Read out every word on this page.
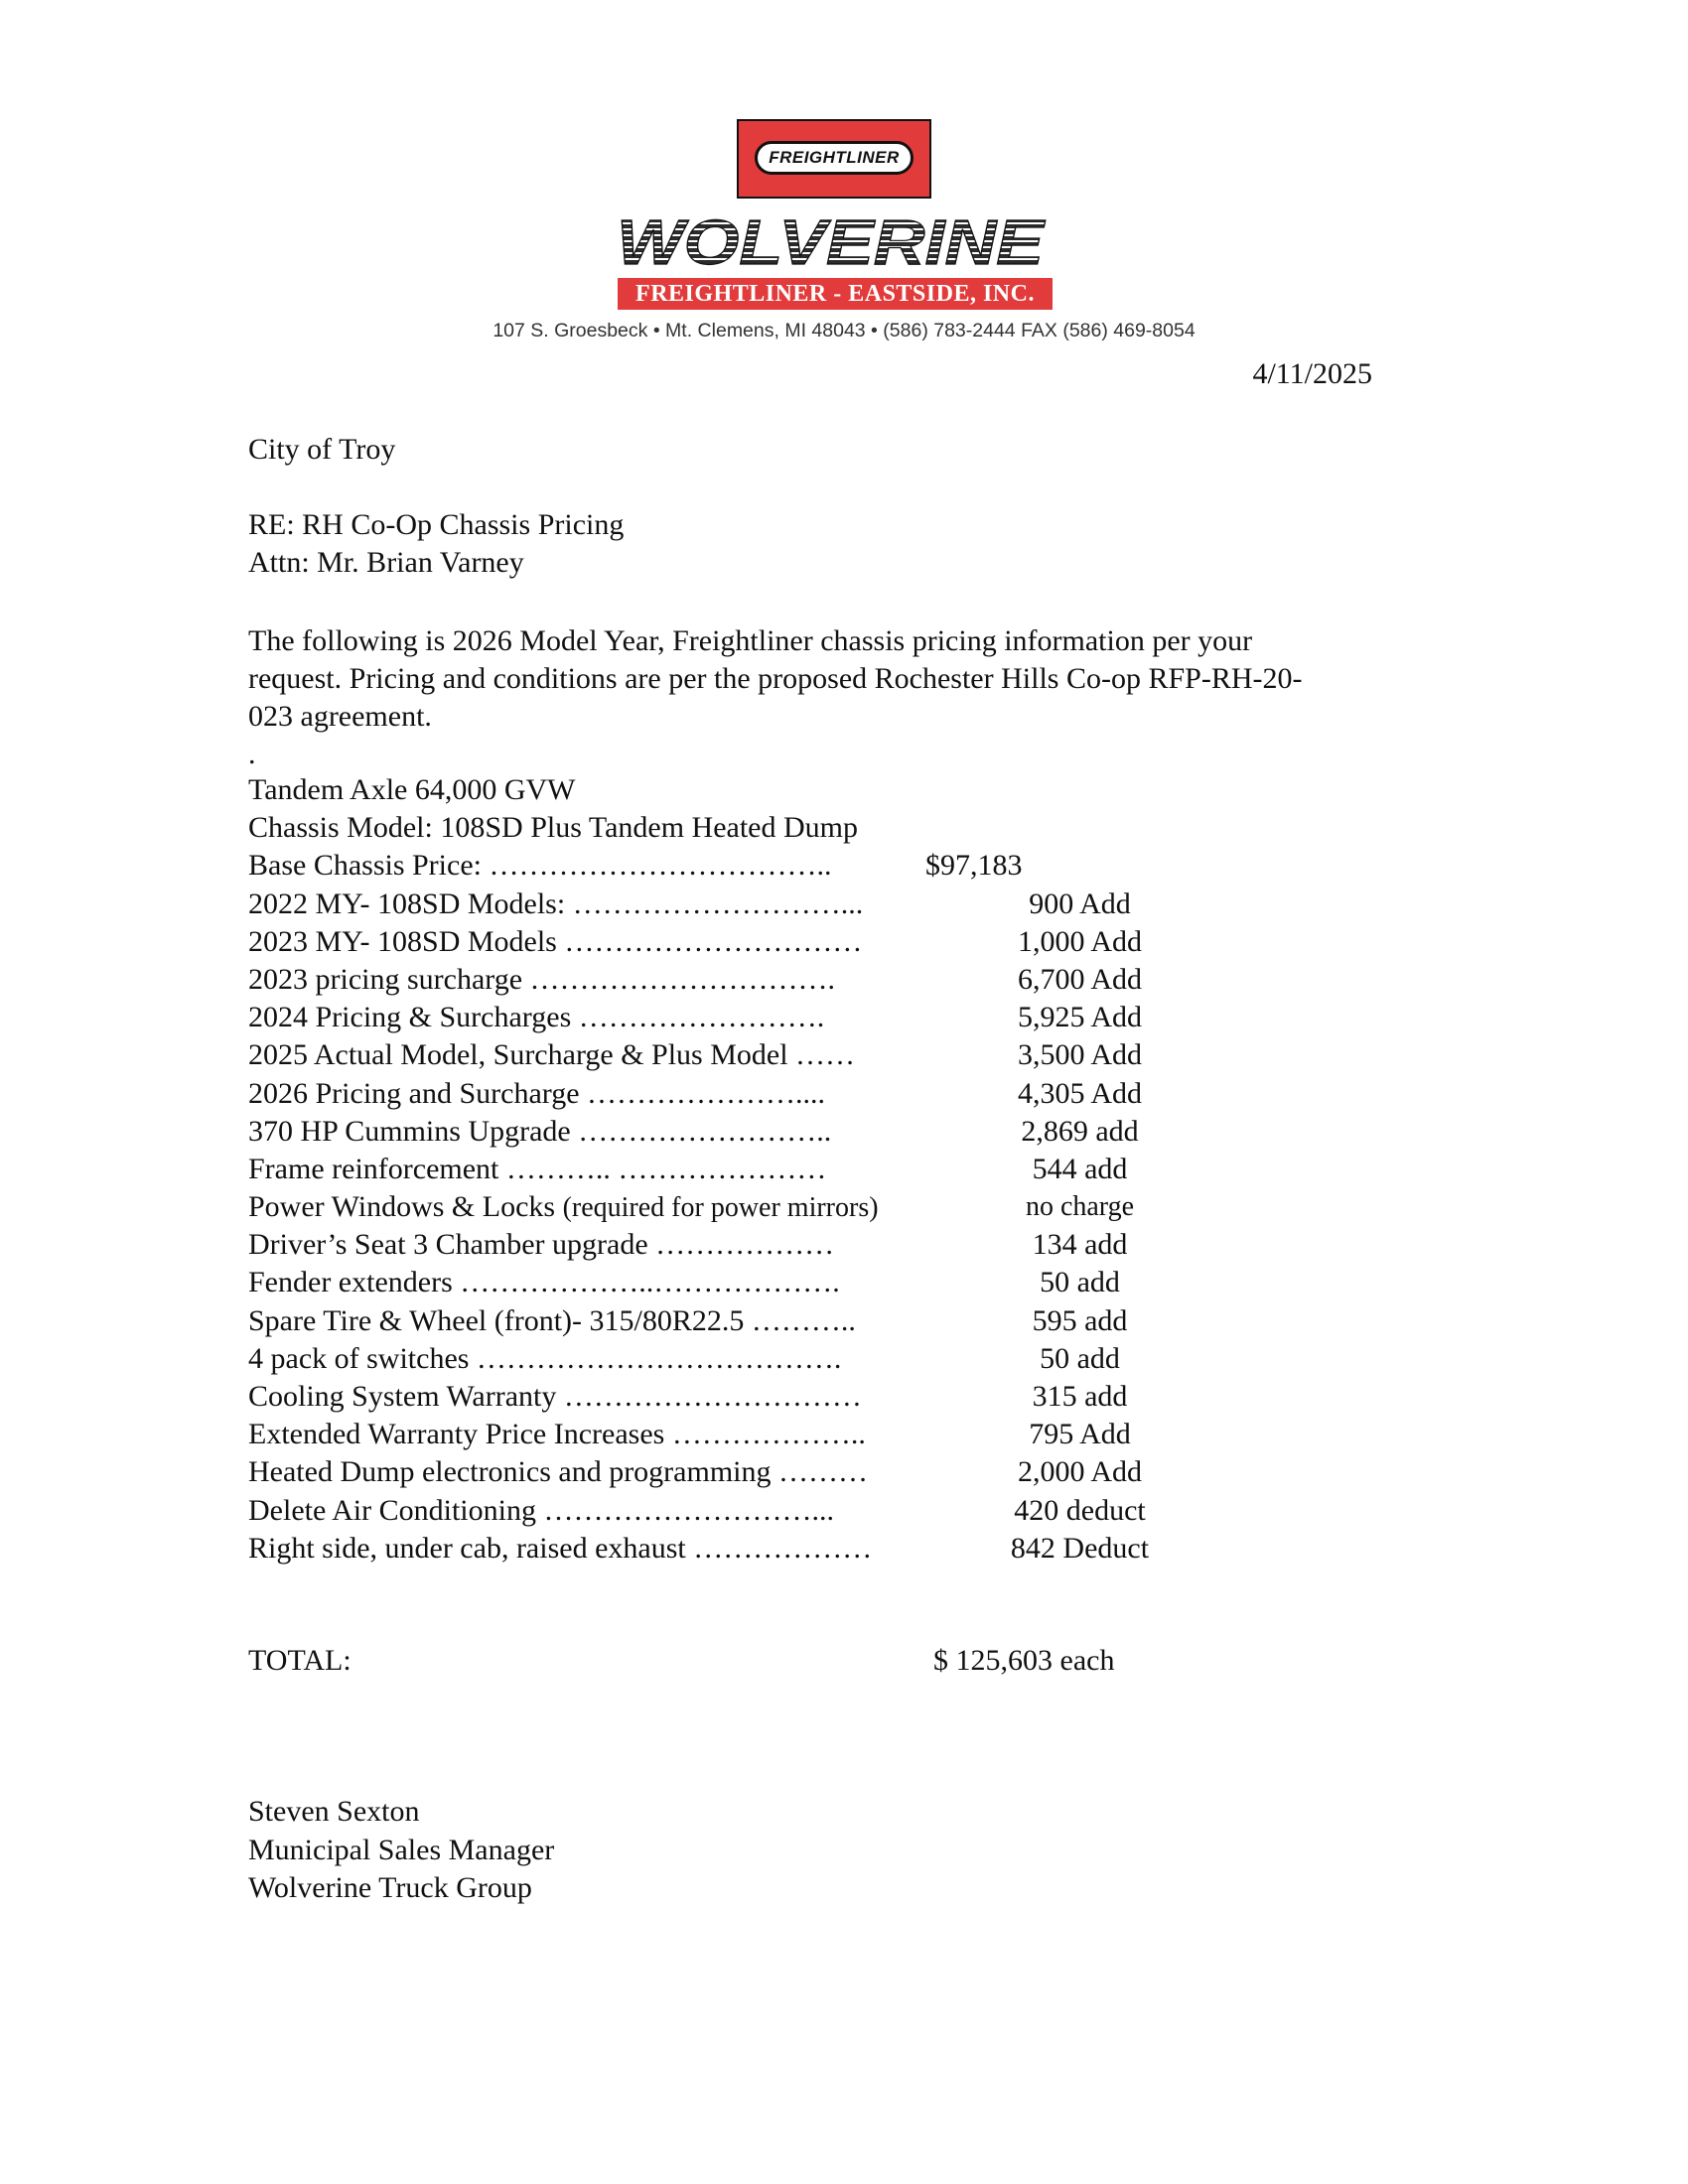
FREIGHTLINER
WOLVERINE
FREIGHTLINER - EASTSIDE, INC.
107 S. Groesbeck • Mt. Clemens, MI 48043 • (586) 783-2444 FAX (586) 469-8054
4/11/2025
City of Troy
RE: RH Co-Op Chassis Pricing
Attn: Mr. Brian Varney
The following is 2026 Model Year, Freightliner chassis pricing information per your
request. Pricing and conditions are per the proposed Rochester Hills Co-op RFP-RH-20-
023 agreement.
.
Tandem Axle 64,000 GVW
Chassis Model: 108SD Plus Tandem Heated Dump
Base Chassis Price: ……………………………..	$97,183
2022 MY- 108SD Models: ………………………...	900 Add
2023 MY- 108SD Models …………………………	1,000 Add
2023 pricing surcharge ………………………….	6,700 Add
2024 Pricing & Surcharges …………………….	5,925 Add
2025 Actual Model, Surcharge & Plus Model ……	3,500 Add
2026 Pricing and Surcharge …………………....	4,305 Add
370 HP Cummins Upgrade ……………………..	2,869 add
Frame reinforcement ……….. …………………	544 add
Power Windows & Locks (required for power mirrors)	no charge
Driver’s Seat 3 Chamber upgrade ………………	134 add
Fender extenders ………………..……………….	50 add
Spare Tire & Wheel (front)- 315/80R22.5 ………..	595 add
4 pack of switches ……………………………….	50 add
Cooling System Warranty …………………………	315 add
Extended Warranty Price Increases ………………..	795 Add
Heated Dump electronics and programming ………	2,000 Add
Delete Air Conditioning ………………………...	420 deduct
Right side, under cab, raised exhaust ………………	842 Deduct
TOTAL:	$ 125,603 each
Steven Sexton
Municipal Sales Manager
Wolverine Truck Group
